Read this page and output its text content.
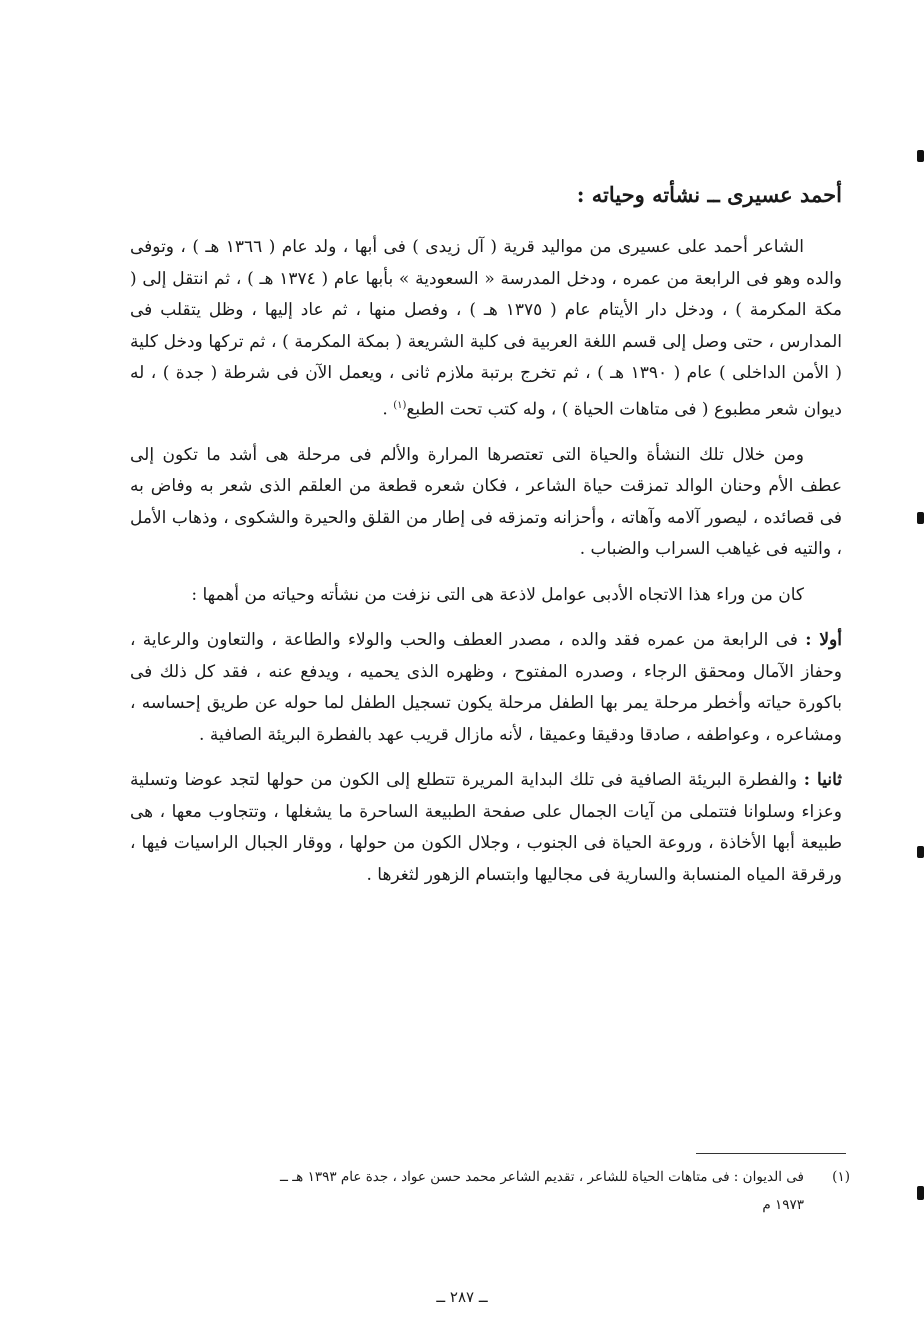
أحمد عسيرى ــ نشأته وحياته :

الشاعر أحمد على عسيرى من مواليد قرية ( آل زيدى ) فى أبها ، ولد عام ( ١٣٦٦ هـ ) ، وتوفى والده وهو فى الرابعة من عمره ، ودخل المدرسة « السعودية » بأبها عام ( ١٣٧٤ هـ ) ، ثم انتقل إلى ( مكة المكرمة ) ، ودخل دار الأيتام عام ( ١٣٧٥ هـ ) ، وفصل منها ، ثم عاد إليها ، وظل يتقلب فى المدارس ، حتى وصل إلى قسم اللغة العربية فى كلية الشريعة ( بمكة المكرمة ) ، ثم تركها ودخل كلية ( الأمن الداخلى ) عام ( ١٣٩٠ هـ ) ، ثم تخرج برتبة ملازم ثانى ، ويعمل الآن فى شرطة ( جدة ) ، له ديوان شعر مطبوع ( فى متاهات الحياة ) ، وله كتب تحت الطبع$^{(١)}$ .

ومن خلال تلك النشأة والحياة التى تعتصرها المرارة والألم فى مرحلة هى أشد ما تكون إلى عطف الأم وحنان الوالد تمزقت حياة الشاعر ، فكان شعره قطعة من العلقم الذى شعر به وفاض به فى قصائده ، ليصور آلامه وآهاته ، وأحزانه وتمزقه فى إطار من القلق والحيرة والشكوى ، وذهاب الأمل ، والتيه فى غياهب السراب والضباب .

كان من وراء هذا الاتجاه الأدبى عوامل لاذعة هى التى نزفت من نشأته وحياته من أهمها :

أولا : فى الرابعة من عمره فقد والده ، مصدر العطف والحب والولاء والطاعة ، والتعاون والرعاية ، وحفاز الآمال ومحقق الرجاء ، وصدره المفتوح ، وظهره الذى يحميه ، ويدفع عنه ، فقد كل ذلك فى باكورة حياته وأخطر مرحلة يمر بها الطفل مرحلة يكون تسجيل الطفل لما حوله عن طريق إحساسه ، ومشاعره ، وعواطفه ، صادقا ودقيقا وعميقا ، لأنه مازال قريب عهد بالفطرة البريئة الصافية .

ثانيا : والفطرة البريئة الصافية فى تلك البداية المريرة تتطلع إلى الكون من حولها لتجد عوضا وتسلية وعزاء وسلوانا فتتملى من آيات الجمال على صفحة الطبيعة الساحرة ما يشغلها ، وتتجاوب معها ، هى طبيعة أبها الأخاذة ، وروعة الحياة فى الجنوب ، وجلال الكون من حولها ، ووقار الجبال الراسيات فيها ، ورقرقة المياه المنسابة والسارية فى مجاليها وابتسام الزهور لثغرها .

(١)فى الديوان : فى متاهات الحياة للشاعر ، تقديم الشاعر محمد حسن عواد ، جدة عام ١٣٩٣ هـ ــ
١٩٧٣ م
ــ ٢٨٧ ــ
